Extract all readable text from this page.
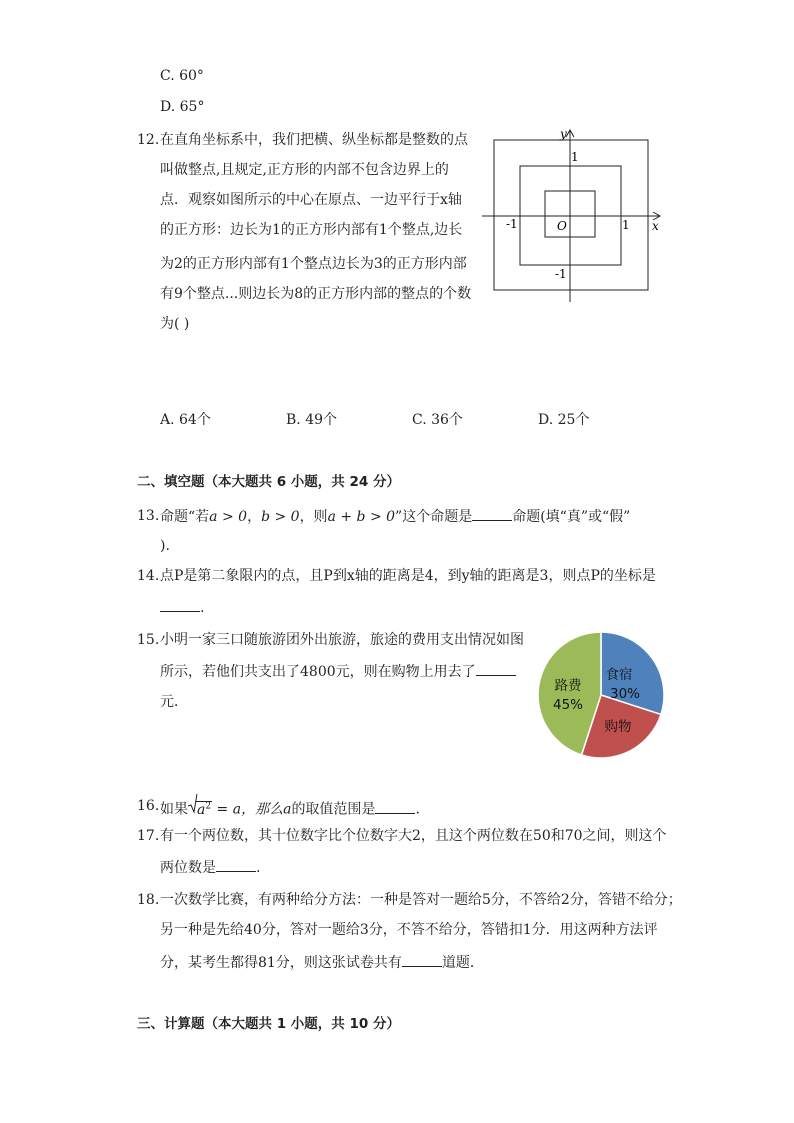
C. 60°
D. 65°
12. 在直角坐标系中，我们把横、纵坐标都是整数的点
叫做整点,且规定,正方形的内部不包含边界上的
点．观察如图所示的中心在原点、一边平行于x轴
的正方形：边长为1的正方形内部有1个整点,边长
为2的正方形内部有1个整点边长为3的正方形内部
有9个整点...则边长为8的正方形内部的整点的个数
为( )
y
x
O
1
-1
1
-1
A. 64个	B. 49个	C. 36个	D. 25个
二、填空题（本大题共 6 小题，共 24 分）
13. 命题“若a > 0，b > 0，则a + b > 0”这个命题是	命题(填“真”或“假”
).
14. 点P是第二象限内的点，且P到x轴的距离是4，到y轴的距离是3，则点P的坐标是
.
15. 小明一家三口随旅游团外出旅游，旅途的费用支出情况如图
所示，若他们共支出了4800元，则在购物上用去了
元．
食宿
30%
购物
路费
45%
16. 如果 $a^2 = a$，那么a的取值范围是	.
17. 有一个两位数，其十位数字比个位数字大2，且这个两位数在50和70之间，则这个
两位数是	.
18. 一次数学比赛，有两种给分方法：一种是答对一题给5分，不答给2分，答错不给分；
另一种是先给40分，答对一题给3分，不答不给分，答错扣1分．用这两种方法评
分，某考生都得81分，则这张试卷共有	道题．
三、计算题（本大题共 1 小题，共 10 分）
